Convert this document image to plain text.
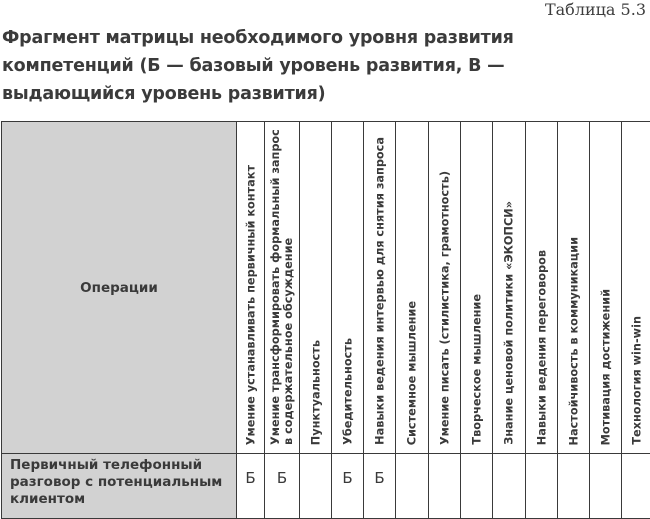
Таблица 5.3
Фрагмент матрицы необходимого уровня развития компетенций (Б — базовый уровень развития, В — выдающийся уровень развития)
Операции	Умение устанавливать первичный контакт	Умение трансформировать формальный запрос в содержательное обсуждение	Пунктуальность	Убедительность	Навыки ведения интервью для снятия запроса	Системное мышление	Умение писать (стилистика, грамотность)	Творческое мышление	Знание ценовой политики «ЭКОПСИ»	Навыки ведения переговоров	Настойчивость в коммуникации	Мотивация достижений	Технология win-win

Первичный телефонный разговор с потенциальным клиентом	Б	Б		Б	Б								
